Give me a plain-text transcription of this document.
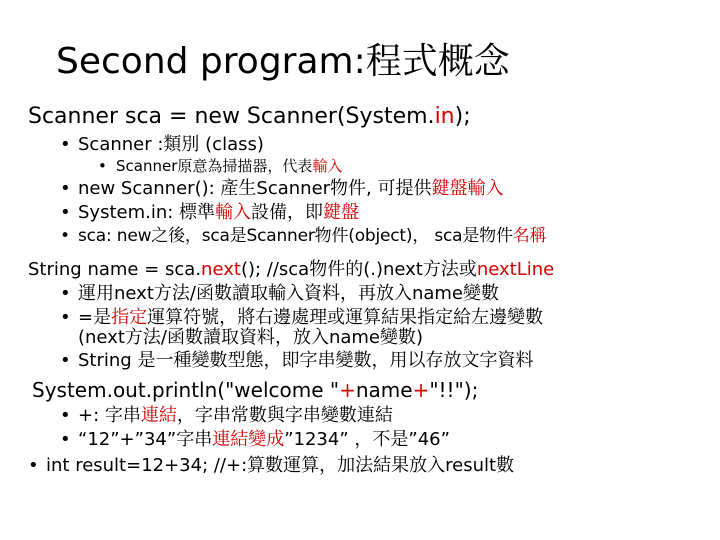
Second program:程式概念
Scanner sca = new Scanner(System.in);
• Scanner :類別 (class)
• Scanner原意為掃描器，代表輸入
• new Scanner(): 產生Scanner物件, 可提供鍵盤輸入
• System.in: 標準輸入設備，即鍵盤
• sca: new之後，sca是Scanner物件(object)， sca是物件名稱
String name = sca.next(); //sca物件的(.)next方法或nextLine
• 運用next方法/函數讀取輸入資料，再放入name變數
• =是指定運算符號，將右邊處理或運算結果指定給左邊變數
(next方法/函數讀取資料，放入name變數)
• String 是一種變數型態，即字串變數，用以存放文字資料
System.out.println("welcome "+name+"!!");
• +: 字串連結，字串常數與字串變數連結
• “12”+”34”字串連結變成”1234” ，不是”46”
• int result=12+34; //+:算數運算，加法結果放入result數
